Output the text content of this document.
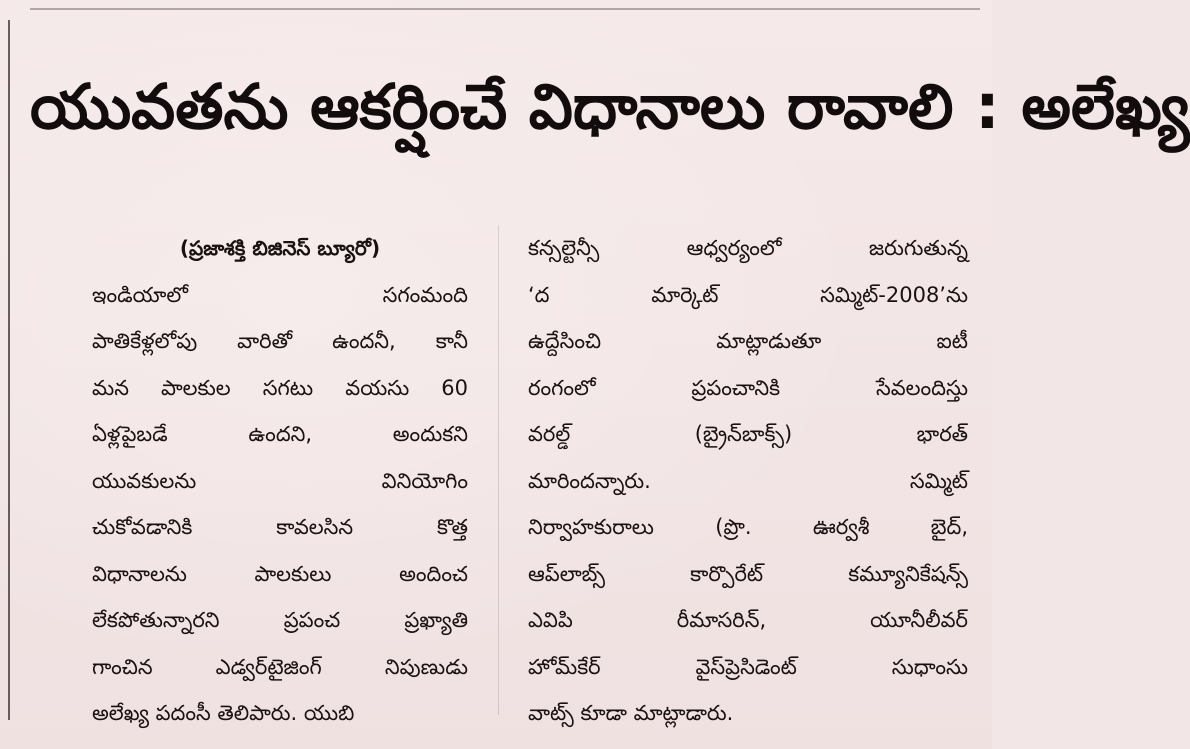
యువతను ఆకర్షించే విధానాలు రావాలి : అలేఖ్య
(ప్రజాశక్తి బిజినెస్ బ్యూరో)
ఇండియాలో సగంమంది
పాతికేళ్లలోపు వారితో ఉందనీ, కానీ
మన పాలకుల సగటు వయసు 60
ఏళ్లపైబడే ఉందని, అందుకని
యువకులను వినియోగిం
చుకోవడానికి కావలసిన కొత్త
విధానాలను పాలకులు అందించ
లేకపోతున్నారని ప్రపంచ ప్రఖ్యాతి
గాంచిన ఎడ్వర్‌టైజింగ్ నిపుణుడు
అలేఖ్య పదంసీ తెలిపారు. యుబి
కన్సల్టెన్సీ ఆధ్వర్యంలో జరుగుతున్న
‘ద మార్కెట్ సమ్మిట్-2008’ను
ఉద్దేసించి మాట్లాడుతూ ఐటీ
రంగంలో ప్రపంచానికి సేవలందిస్తు
వరల్డ్ (బ్రైన్‌బాక్స్) భారత్
మారిందన్నారు. సమ్మిట్
నిర్వాహకురాలు (ప్రొ. ఊర్వశీ బైద్,
ఆప్‌లాబ్స్ కార్పొరేట్ కమ్యూనికేషన్స్
ఎవిపి రీమాసరిన్, యూనీలీవర్
హోమ్‌కేర్ వైస్‌ప్రెసిడెంట్ సుధాంసు
వాట్స్ కూడా మాట్లాడారు.
